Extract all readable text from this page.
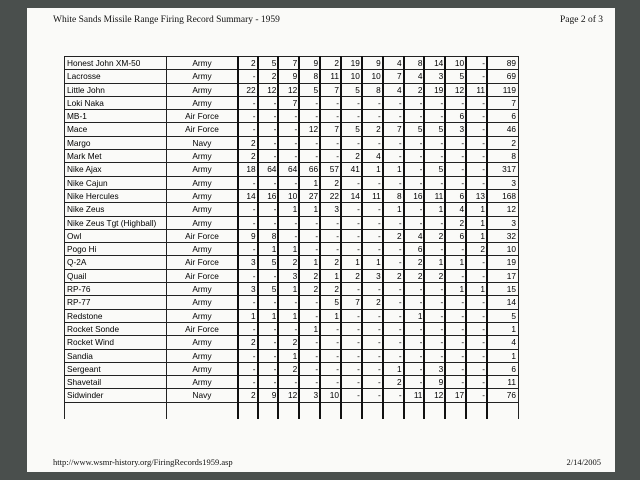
White Sands Missile Range Firing Record Summary - 1959	Page 2 of 3
Honest John XM-50	Army	2	5	7	9	2	19	9	4	8	14	10	-	89
Lacrosse	Army	-	2	9	8	11	10	10	7	4	3	5	-	69
Little John	Army	22	12	12	5	7	5	8	4	2	19	12	11	119
Loki Naka	Army	-	-	7	-	-	-	-	-	-	-	-	-	7
MB-1	Air Force	-	-	-	-	-	-	-	-	-	-	6	-	6
Mace	Air Force	-	-	-	12	7	5	2	7	5	5	3	-	46
Margo	Navy	2	-	-	-	-	-	-	-	-	-	-	-	2
Mark Met	Army	2	-	-	-	-	2	4	-	-	-	-	-	8
Nike Ajax	Army	18	64	64	66	57	41	1	1	-	5	-	-	317
Nike Cajun	Army	-	-	-	1	2	-	-	-	-	-	-	-	3
Nike Hercules	Army	14	16	10	27	22	14	11	8	16	11	6	13	168
Nike Zeus	Army	-	-	1	1	3	-	-	1	-	1	4	1	12
Nike Zeus Tgt (Highball)	Army	-	-	-	-	-	-	-	-	-	-	2	1	3
Owl	Air Force	9	8	-	-	-	-	-	2	4	2	6	1	32
Pogo Hi	Army	-	1	1	-	-	-	-	-	6	-	-	2	10
Q-2A	Air Force	3	5	2	1	2	1	1	-	2	1	1	-	19
Quail	Air Force	-	-	3	2	1	2	3	2	2	2	-	-	17
RP-76	Army	3	5	1	2	2	-	-	-	-	-	1	1	15
RP-77	Army	-	-	-	-	5	7	2	-	-	-	-	-	14
Redstone	Army	1	1	1	-	1	-	-	-	1	-	-	-	5
Rocket Sonde	Air Force	-	-	-	1	-	-	-	-	-	-	-	-	1
Rocket Wind	Army	2	-	2	-	-	-	-	-	-	-	-	-	4
Sandia	Army	-	-	1	-	-	-	-	-	-	-	-	-	1
Sergeant	Army	-	-	2	-	-	-	-	1	-	3	-	-	6
Shavetail	Army	-	-	-	-	-	-	-	2	-	9	-	-	11
Sidwinder	Navy	2	9	12	3	10	-	-	-	11	12	17	-	76

http://www.wsmr-history.org/FiringRecords1959.asp	2/14/2005
